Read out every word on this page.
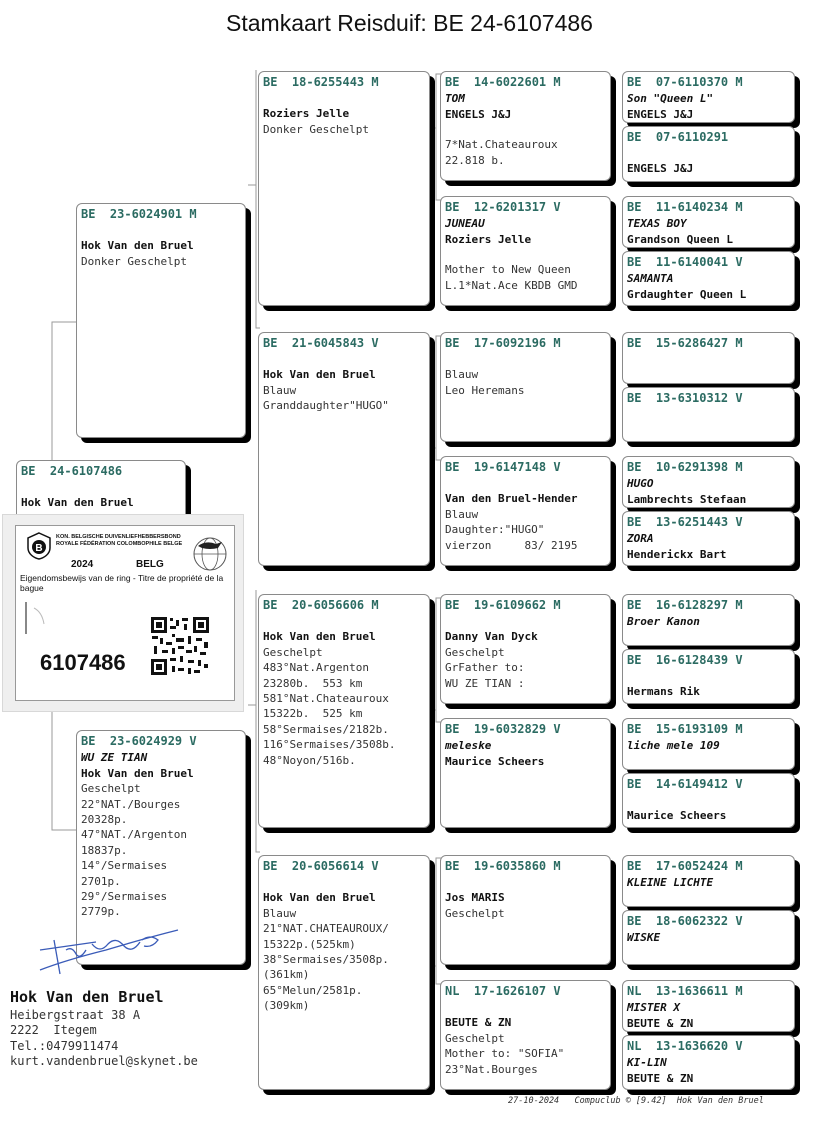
Stamkaart Reisduif: BE 24-6107486
BE  24-6107486
Hok Van den Bruel
BE  23-6024901 M
Hok Van den Bruel
Donker Geschelpt
BE  23-6024929 V
WU ZE TIAN
Hok Van den Bruel
Geschelpt
22°NAT./Bourges
20328p.
47°NAT./Argenton
18837p.
14°/Sermaises
2701p.
29°/Sermaises
2779p.
BE  18-6255443 M
Roziers Jelle
Donker Geschelpt
BE  21-6045843 V
Hok Van den Bruel
Blauw
Granddaughter"HUGO"
BE  20-6056606 M
Hok Van den Bruel
Geschelpt
483°Nat.Argenton
23280b.  553 km
581°Nat.Chateauroux
15322b.  525 km
58°Sermaises/2182b.
116°Sermaises/3508b.
48°Noyon/516b.
BE  20-6056614 V
Hok Van den Bruel
Blauw
21°NAT.CHATEAUROUX/
15322p.(525km)
38°Sermaises/3508p.
(361km)
65°Melun/2581p.
(309km)
BE  14-6022601 M
TOM
ENGELS J&J
7*Nat.Chateauroux
22.818 b.
BE  12-6201317 V
JUNEAU
Roziers Jelle
Mother to New Queen
L.1*Nat.Ace KBDB GMD
BE  17-6092196 M
Blauw
Leo Heremans
BE  19-6147148 V
Van den Bruel-Hender
Blauw
Daughter:"HUGO"
vierzon     83/ 2195
BE  19-6109662 M
Danny Van Dyck
Geschelpt
GrFather to:
WU ZE TIAN :
BE  19-6032829 V
meleske
Maurice Scheers
BE  19-6035860 M
Jos MARIS
Geschelpt
NL  17-1626107 V
BEUTE & ZN
Geschelpt
Mother to: "SOFIA"
23°Nat.Bourges
BE  07-6110370 M
Son "Queen L"
ENGELS J&J
BE  07-6110291
ENGELS J&J
BE  11-6140234 M
TEXAS BOY
Grandson Queen L
BE  11-6140041 V
SAMANTA
Grdaughter Queen L
BE  15-6286427 M
BE  13-6310312 V
BE  10-6291398 M
HUGO
Lambrechts Stefaan
BE  13-6251443 V
ZORA
Henderickx Bart
BE  16-6128297 M
Broer Kanon
BE  16-6128439 V
Hermans Rik
BE  15-6193109 M
liche mele 109
BE  14-6149412 V
Maurice Scheers
BE  17-6052424 M
KLEINE LICHTE
BE  18-6062322 V
WISKE
NL  13-1636611 M
MISTER X
BEUTE & ZN
NL  13-1636620 V
KI-LIN
BEUTE & ZN
B
KON. BELGISCHE DUIVENLIEFHEBBERSBOND
ROYALE FÉDÉRATION COLOMBOPHILE BELGE
2024	BELG
Eigendomsbewijs van de ring - Titre de propriété de la bague
6107486
Hok Van den Bruel
Heibergstraat 38 A
2222  Itegem
Tel.:0479911474
kurt.vandenbruel@skynet.be
27-10-2024   Compuclub © [9.42]  Hok Van den Bruel
